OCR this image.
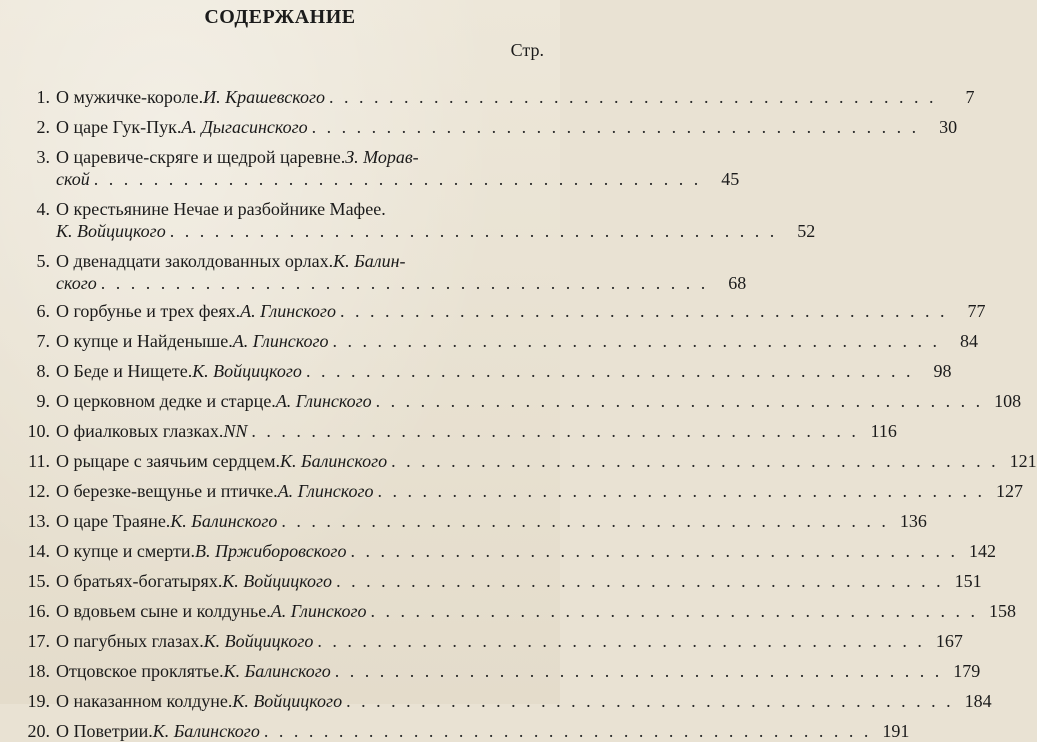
СОДЕРЖАНИЕ
Стр.
1. О мужичке-короле. И. Крашевского . . . . . . . . . . . . . . . . . . . . . . . . . . . . . . . . . . . . . . . . .	7
2. О царе Гук-Пук. А. Дыгасинского . . . . . . . . . . . . . . . . . . . . . . . . . . . . . . . . . . . . . . . . .	30
3. О царевиче-скряге и щедрой царевне. З. Морав-
ской . . . . . . . . . . . . . . . . . . . . . . . . . . . . . . . . . . . . . . . . .	45
4. О крестьянине Нечае и разбойнике Мафее.
К. Войцицкого . . . . . . . . . . . . . . . . . . . . . . . . . . . . . . . . . . . . . . . . .	52
5. О двенадцати заколдованных орлах. К. Балин-
ского . . . . . . . . . . . . . . . . . . . . . . . . . . . . . . . . . . . . . . . . .	68
6. О горбунье и трех феях. А. Глинского . . . . . . . . . . . . . . . . . . . . . . . . . . . . . . . . . . . . . . . . .	77
7. О купце и Найденыше. А. Глинского . . . . . . . . . . . . . . . . . . . . . . . . . . . . . . . . . . . . . . . . .	84
8. О Беде и Нищете. К. Войцицкого . . . . . . . . . . . . . . . . . . . . . . . . . . . . . . . . . . . . . . . . .	98
9. О церковном дедке и старце. А. Глинского . . . . . . . . . . . . . . . . . . . . . . . . . . . . . . . . . . . . . . . . . 108
10. О фиалковых глазках. NN . . . . . . . . . . . . . . . . . . . . . . . . . . . . . . . . . . . . . . . . . 116
11. О рыцаре с заячьим сердцем. К. Балинского . . . . . . . . . . . . . . . . . . . . . . . . . . . . . . . . . . . . . . . . . 121
12. О березке-вещунье и птичке. А. Глинского . . . . . . . . . . . . . . . . . . . . . . . . . . . . . . . . . . . . . . . . . 127
13. О царе Траяне. К. Балинского . . . . . . . . . . . . . . . . . . . . . . . . . . . . . . . . . . . . . . . . . 136
14. О купце и смерти. В. Пржиборовского . . . . . . . . . . . . . . . . . . . . . . . . . . . . . . . . . . . . . . . . . 142
15. О братьях-богатырях. К. Войцицкого . . . . . . . . . . . . . . . . . . . . . . . . . . . . . . . . . . . . . . . . . 151
16. О вдовьем сыне и колдунье. А. Глинского . . . . . . . . . . . . . . . . . . . . . . . . . . . . . . . . . . . . . . . . . 158
17. О пагубных глазах. К. Войцицкого . . . . . . . . . . . . . . . . . . . . . . . . . . . . . . . . . . . . . . . . . 167
18. Отцовское проклятье. К. Балинского . . . . . . . . . . . . . . . . . . . . . . . . . . . . . . . . . . . . . . . . . 179
19. О наказанном колдуне. К. Войцицкого . . . . . . . . . . . . . . . . . . . . . . . . . . . . . . . . . . . . . . . . . 184
20. О Поветрии. К. Балинского . . . . . . . . . . . . . . . . . . . . . . . . . . . . . . . . . . . . . . . . . 191
